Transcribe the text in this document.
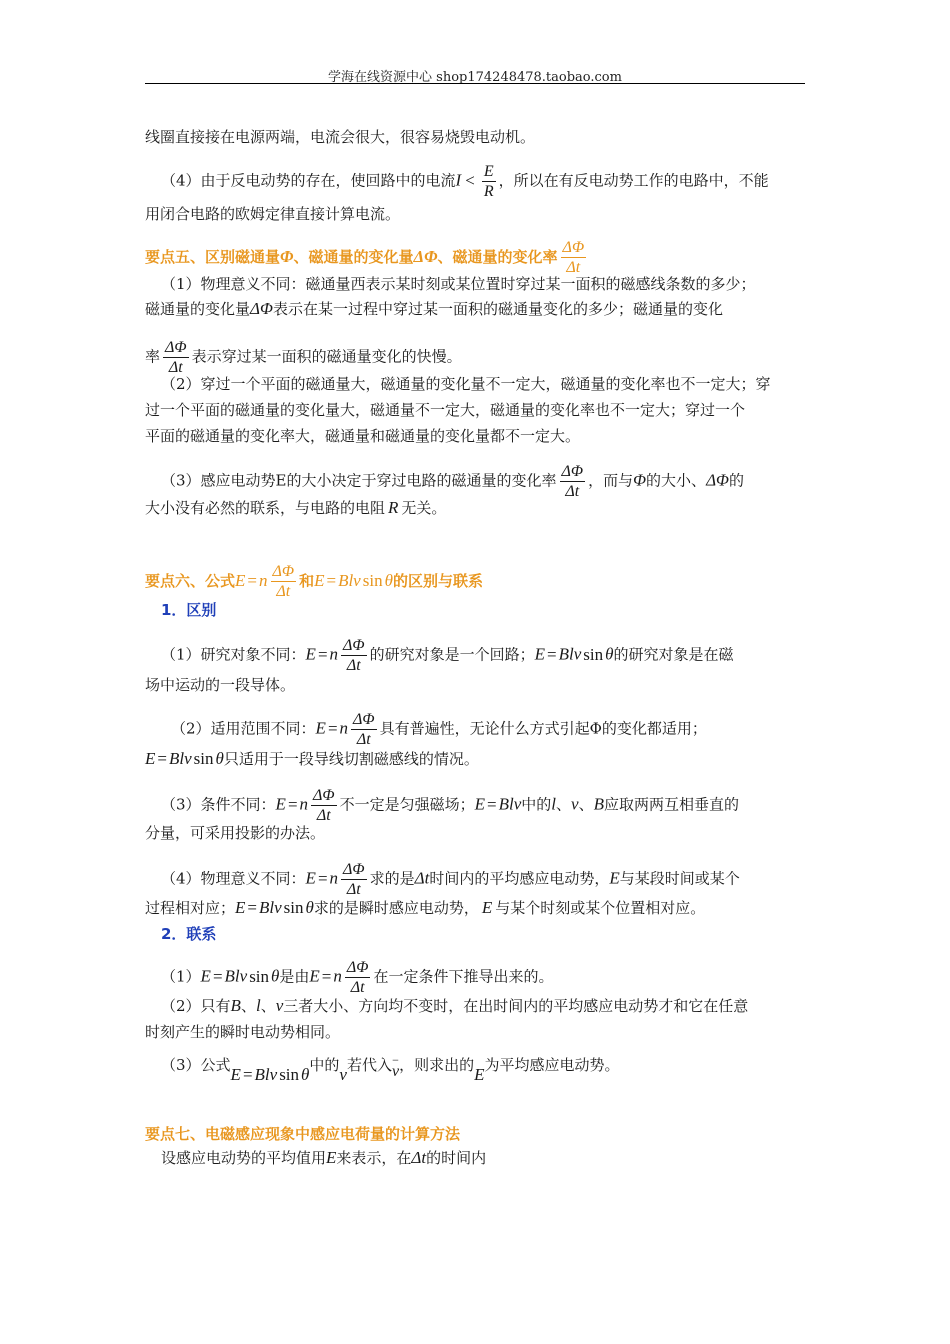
学海在线资源中心 shop174248478.taobao.com
线圈直接接在电源两端，电流会很大，很容易烧毁电动机。
（4）由于反电动势的存在，使回路中的电流$I < \frac{E}{R}$ ，所以在有反电动势工作的电路中，不能
用闭合电路的欧姆定律直接计算电流。
要点五、区别磁通量Φ、磁通量的变化量ΔΦ、磁通量的变化率 $\frac{\Delta\Phi}{\Delta t}$
（1）物理意义不同：磁通量西表示某时刻或某位置时穿过某一面积的磁感线条数的多少；
磁通量的变化量ΔΦ表示在某一过程中穿过某一面积的磁通量变化的多少；磁通量的变化
率 $\frac{\Delta\Phi}{\Delta t}$ 表示穿过某一面积的磁通量变化的快慢。
（2）穿过一个平面的磁通量大，磁通量的变化量不一定大，磁通量的变化率也不一定大；穿
过一个平面的磁通量的变化量大，磁通量不一定大，磁通量的变化率也不一定大；穿过一个
平面的磁通量的变化率大，磁通量和磁通量的变化量都不一定大。
（3）感应电动势E的大小决定于穿过电路的磁通量的变化率 $\frac{\Delta\Phi}{\Delta t}$ ，而与Φ的大小、ΔΦ的
大小没有必然的联系，与电路的电阻 R 无关。
要点六、公式E = n $\frac{\Delta\Phi}{\Delta t}$ 和E = Blv sin θ的区别与联系
1．区别
（1）研究对象不同：E = n $\frac{\Delta\Phi}{\Delta t}$ 的研究对象是一个回路；E = Blv sin θ的研究对象是在磁
场中运动的一段导体。
（2）适用范围不同：E = n $\frac{\Delta\Phi}{\Delta t}$ 具有普遍性，无论什么方式引起Φ的变化都适用；
E = Blv sin θ只适用于一段导线切割磁感线的情况。
（3）条件不同：E = n $\frac{\Delta\Phi}{\Delta t}$ 不一定是匀强磁场；E = Blv中的l、v、B应取两两互相垂直的
分量，可采用投影的办法。
（4）物理意义不同：E = n $\frac{\Delta\Phi}{\Delta t}$ 求的是Δt时间内的平均感应电动势，E与某段时间或某个
过程相对应；E = Blv sin θ求的是瞬时感应电动势， E 与某个时刻或某个位置相对应。
2．联系
（1）E = Blv sin θ是由E = n $\frac{\Delta\Phi}{\Delta t}$ 在一定条件下推导出来的。
（2）只有B、l、v三者大小、方向均不变时，在出时间内的平均感应电动势才和它在任意
时刻产生的瞬时电动势相同。
（3）公式E = Blv sin θ中的v若代入 −
v ，则求出的E为平均感应电动势。
要点七、电磁感应现象中感应电荷量的计算方法
设感应电动势的平均值用E来表示，在Δt的时间内
